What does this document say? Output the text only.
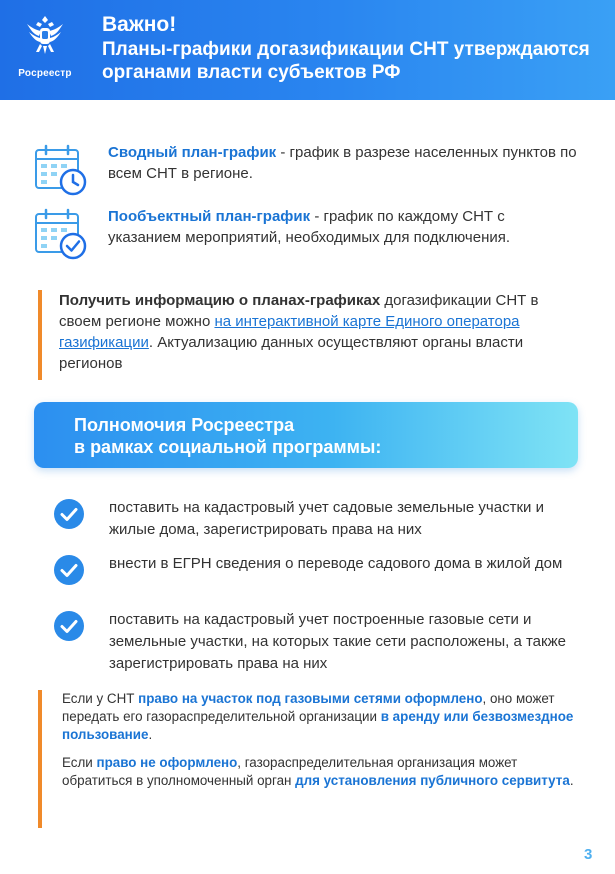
Росреестр
Важно!
Планы-графики догазификации СНТ утверждаются органами власти субъектов РФ
Сводный план-график - график в разрезе населенных пунктов по всем СНТ в регионе.
Пообъектный план-график - график по каждому СНТ с указанием мероприятий, необходимых для подключения.
Получить информацию о планах-графиках догазификации СНТ в своем регионе можно на интерактивной карте Единого оператора газификации. Актуализацию данных осуществляют органы власти регионов
Полномочия Росреестра
в рамках социальной программы:
поставить на кадастровый учет садовые земельные участки и жилые дома, зарегистрировать права на них
внести в ЕГРН сведения о переводе садового дома в жилой дом
поставить на кадастровый учет построенные газовые сети и земельные участки, на которых такие сети расположены, а также зарегистрировать права на них

Если у СНТ право на участок под газовыми сетями оформлено, оно может передать его газораспределительной организации в аренду или безвозмездное пользование.

Если право не оформлено, газораспределительная организация может обратиться в уполномоченный орган для установления публичного сервитута.

3
